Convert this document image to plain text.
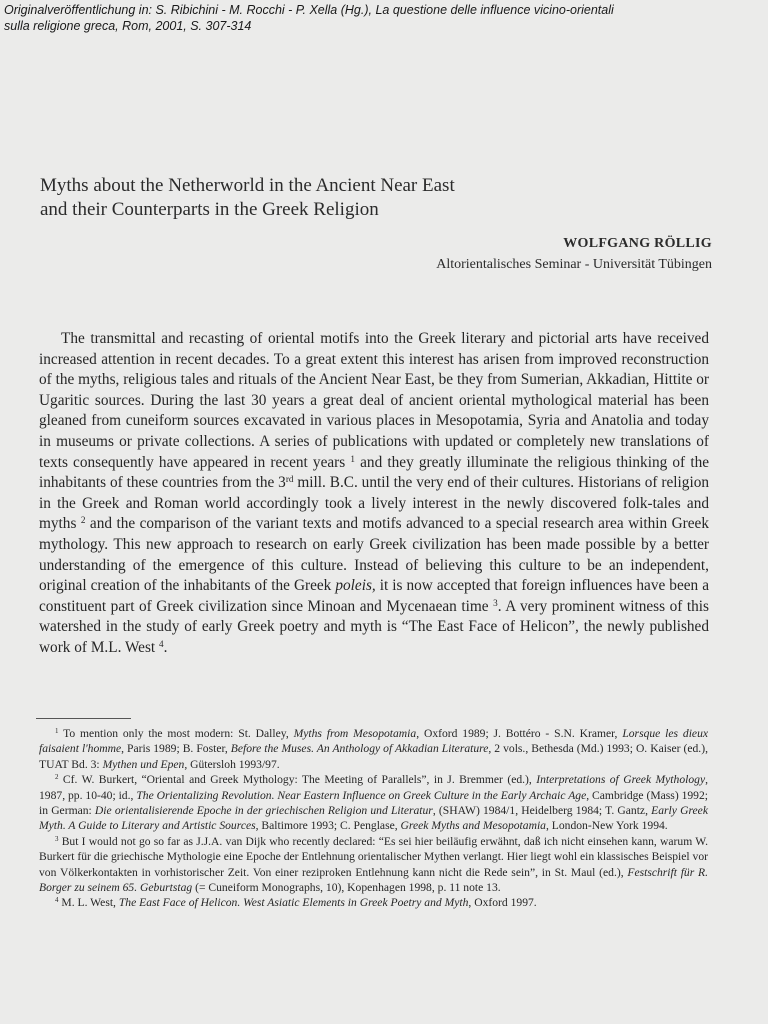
Originalveröffentlichung in: S. Ribichini - M. Rocchi - P. Xella (Hg.), La questione delle influence vicino-orientali
sulla religione greca, Rom, 2001, S. 307-314
Myths about the Netherworld in the Ancient Near East
and their Counterparts in the Greek Religion
WOLFGANG RÖLLIG
Altorientalisches Seminar - Universität Tübingen

The transmittal and recasting of oriental motifs into the Greek literary and pictorial arts have received increased attention in recent decades. To a great extent this interest has arisen from improved reconstruction of the myths, religious tales and rituals of the Ancient Near East, be they from Sumerian, Akkadian, Hittite or Ugaritic sources. During the last 30 years a great deal of ancient oriental mythological material has been gleaned from cuneiform sources excavated in various places in Mesopotamia, Syria and Anatolia and today in museums or private collections. A series of publications with updated or completely new translations of texts consequently have appeared in recent years $^1$ and they greatly illuminate the religious thinking of the inhabitants of these countries from the 3rd mill. B.C. until the very end of their cultures. Historians of religion in the Greek and Roman world accordingly took a lively interest in the newly discovered folk-tales and myths $^2$ and the comparison of the variant texts and motifs advanced to a special research area within Greek mythology. This new approach to research on early Greek civilization has been made possible by a better understanding of the emergence of this culture. Instead of believing this culture to be an independent, original creation of the inhabitants of the Greek poleis, it is now accepted that foreign influences have been a constituent part of Greek civilization since Minoan and Mycenaean time $^3$. A very prominent witness of this watershed in the study of early Greek poetry and myth is “The East Face of Helicon”, the newly published work of M.L. West $^4$.

$^1$ To mention only the most modern: St. Dalley, Myths from Mesopotamia, Oxford 1989; J. Bottéro - S.N. Kramer, Lorsque les dieux faisaient l'homme, Paris 1989; B. Foster, Before the Muses. An Anthology of Akkadian Literature, 2 vols., Bethesda (Md.) 1993; O. Kaiser (ed.), TUAT Bd. 3: Mythen und Epen, Gütersloh 1993/97.

$^2$ Cf. W. Burkert, “Oriental and Greek Mythology: The Meeting of Parallels”, in J. Bremmer (ed.), Interpretations of Greek Mythology, 1987, pp. 10-40; id., The Orientalizing Revolution. Near Eastern Influence on Greek Culture in the Early Archaic Age, Cambridge (Mass) 1992; in German: Die orientalisierende Epoche in der griechischen Religion und Literatur, (SHAW) 1984/1, Heidelberg 1984; T. Gantz, Early Greek Myth. A Guide to Literary and Artistic Sources, Baltimore 1993; C. Penglase, Greek Myths and Mesopotamia, London-New York 1994.

$^3$ But I would not go so far as J.J.A. van Dijk who recently declared: “Es sei hier beiläufig erwähnt, daß ich nicht einsehen kann, warum W. Burkert für die griechische Mythologie eine Epoche der Entlehnung orientalischer Mythen verlangt. Hier liegt wohl ein klassisches Beispiel vor von Völkerkontakten in vorhistorischer Zeit. Von einer reziproken Entlehnung kann nicht die Rede sein”, in St. Maul (ed.), Festschrift für R. Borger zu seinem 65. Geburtstag (= Cuneiform Monographs, 10), Kopenhagen 1998, p. 11 note 13.

$^4$ M. L. West, The East Face of Helicon. West Asiatic Elements in Greek Poetry and Myth, Oxford 1997.
